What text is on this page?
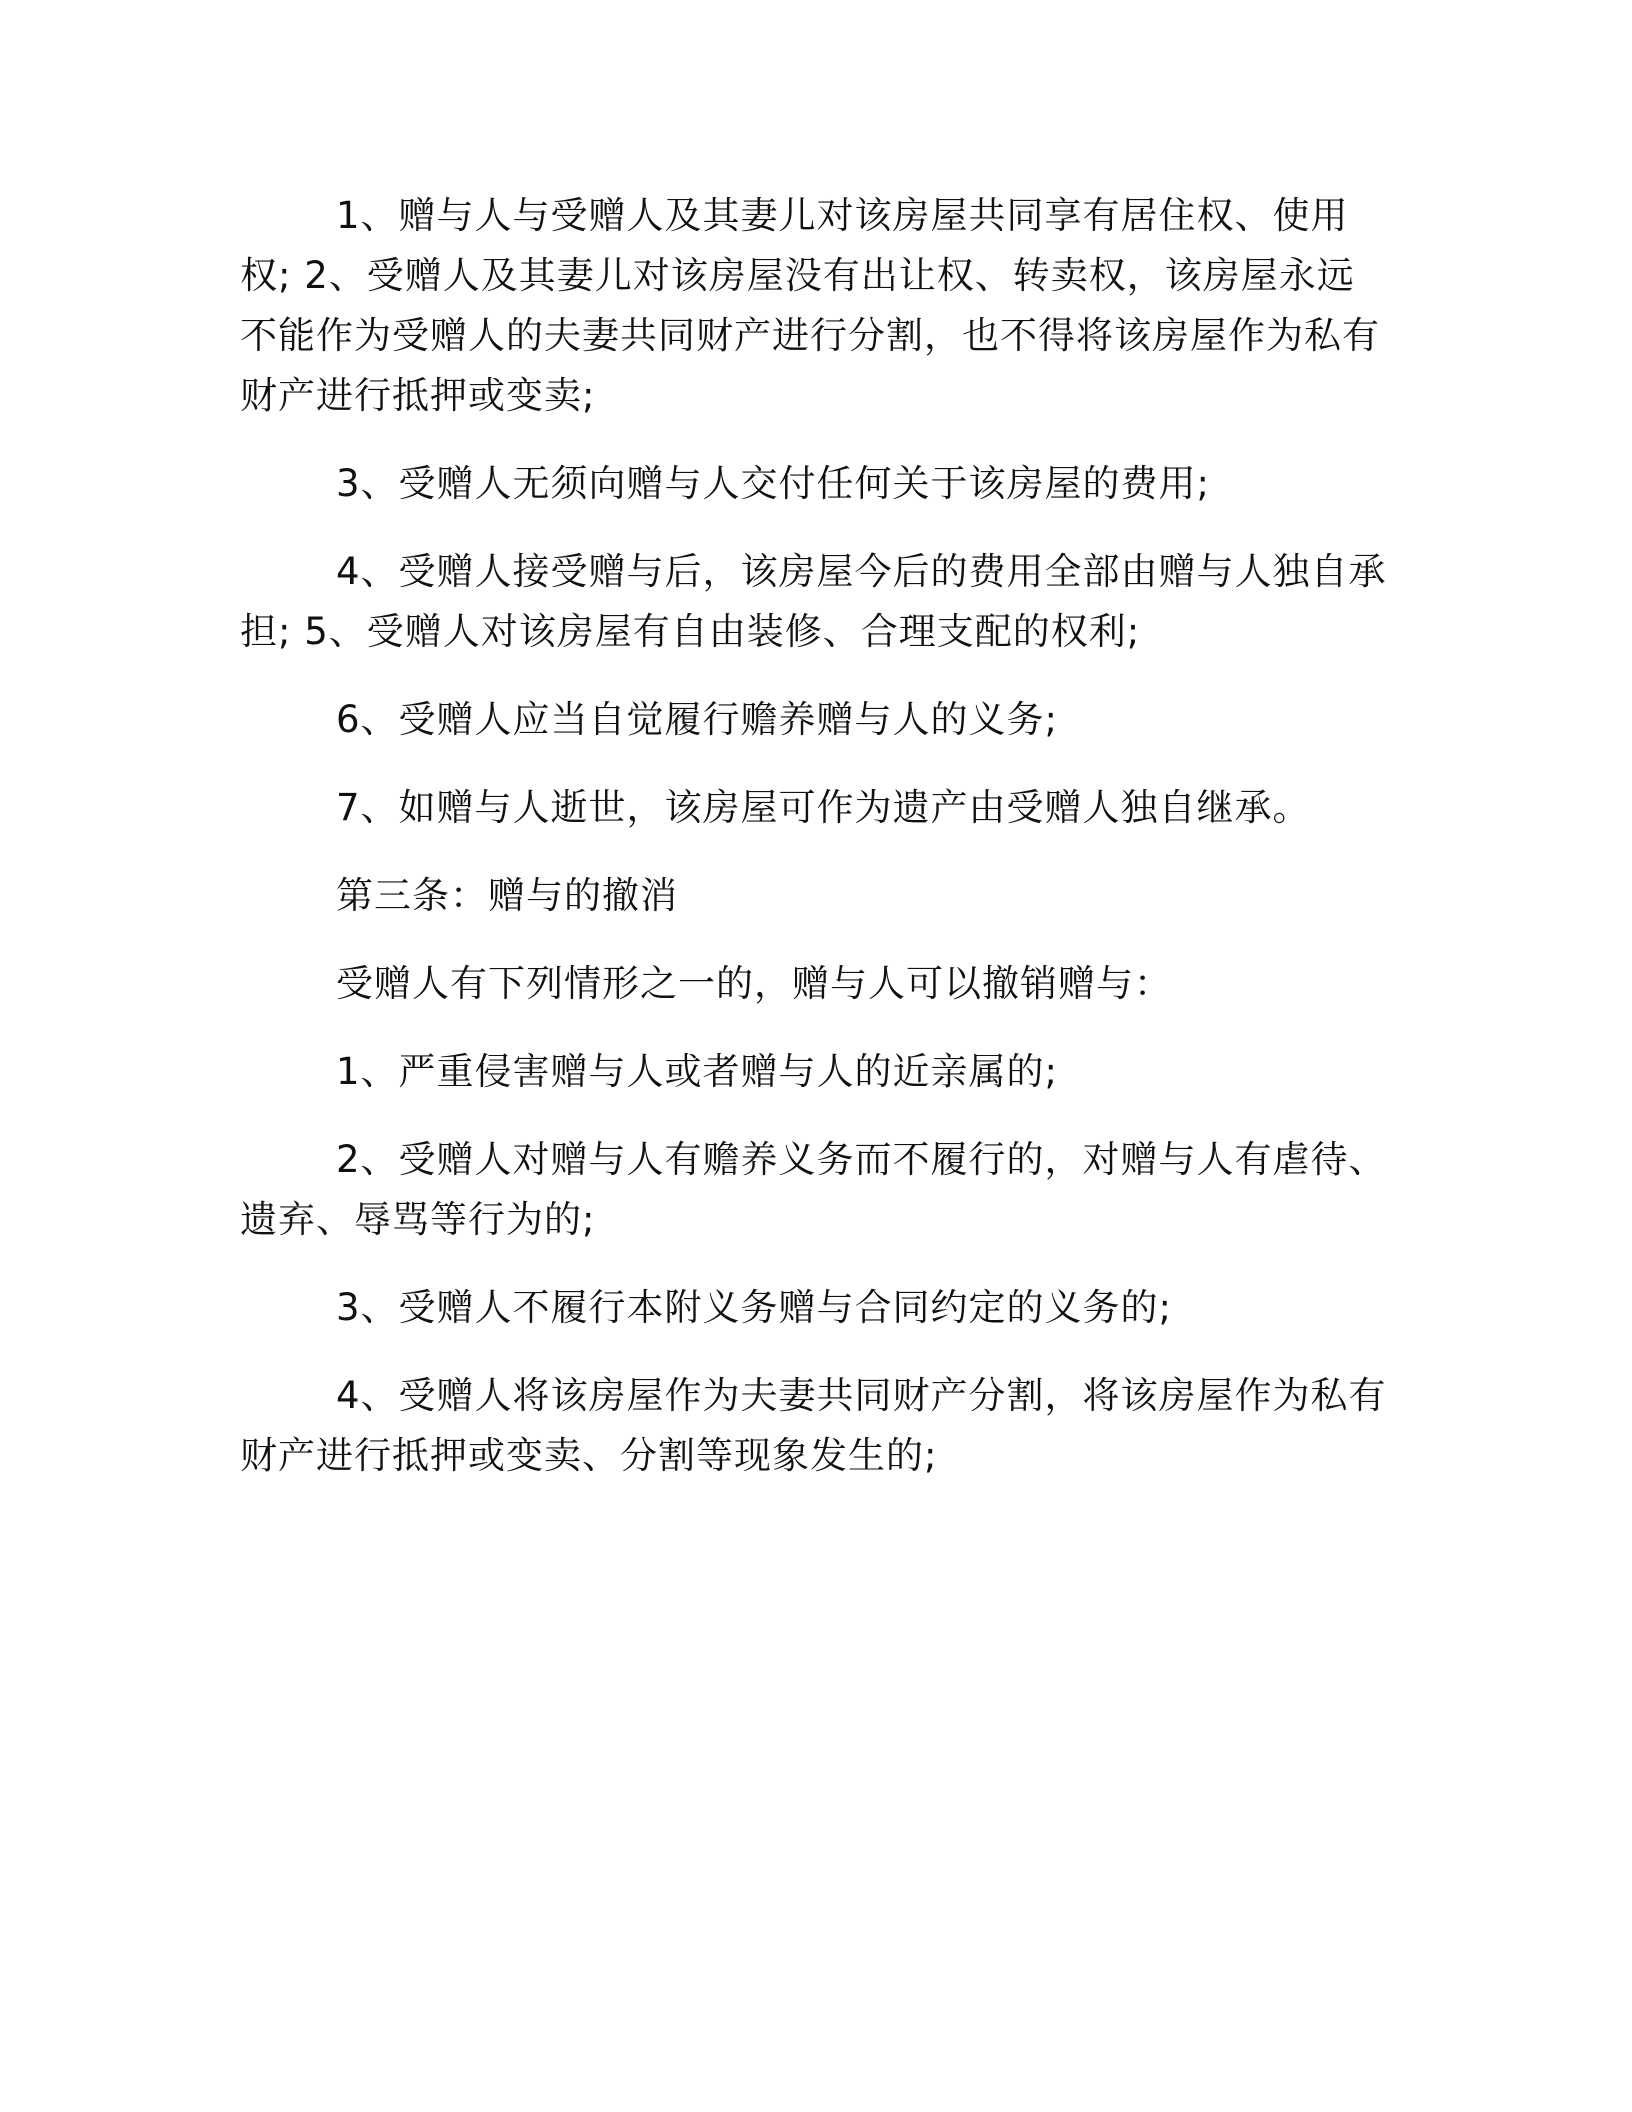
1、赠与人与受赠人及其妻儿对该房屋共同享有居住权、使用权; 2、受赠人及其妻儿对该房屋没有出让权、转卖权，该房屋永远不能作为受赠人的夫妻共同财产进行分割，也不得将该房屋作为私有财产进行抵押或变卖;

3、受赠人无须向赠与人交付任何关于该房屋的费用;

4、受赠人接受赠与后，该房屋今后的费用全部由赠与人独自承担; 5、受赠人对该房屋有自由装修、合理支配的权利;

6、受赠人应当自觉履行赡养赠与人的义务;

7、如赠与人逝世，该房屋可作为遗产由受赠人独自继承。

第三条：赠与的撤消

受赠人有下列情形之一的，赠与人可以撤销赠与：

1、严重侵害赠与人或者赠与人的近亲属的;

2、受赠人对赠与人有赡养义务而不履行的，对赠与人有虐待、遗弃、辱骂等行为的;

3、受赠人不履行本附义务赠与合同约定的义务的;

4、受赠人将该房屋作为夫妻共同财产分割，将该房屋作为私有财产进行抵押或变卖、分割等现象发生的;
